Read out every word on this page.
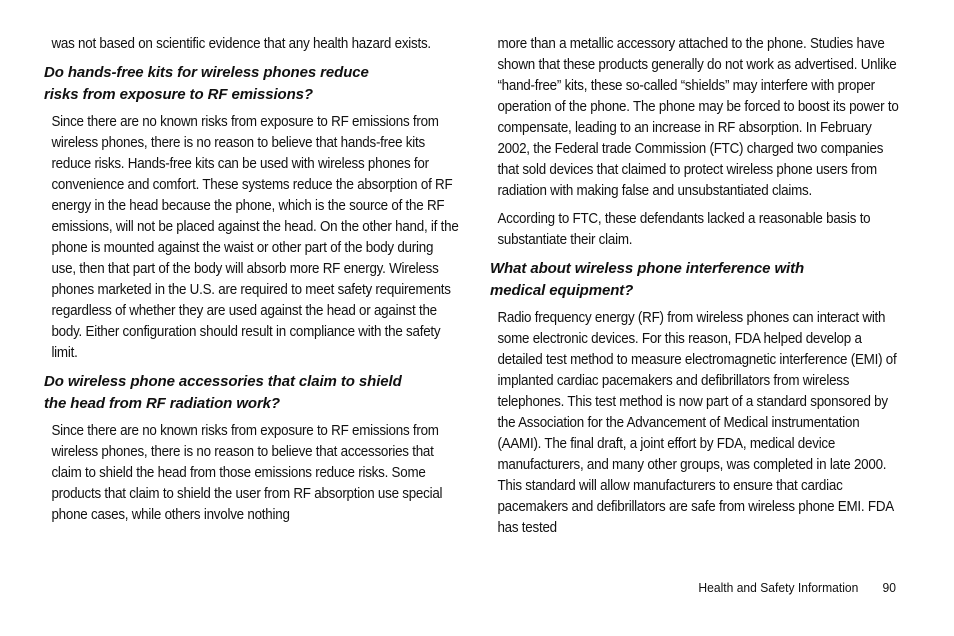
was not based on scientific evidence that any health hazard exists.

Do hands-free kits for wireless phones reduce
risks from exposure to RF emissions?

Since there are no known risks from exposure to RF emissions from wireless phones, there is no reason to believe that hands-free kits reduce risks. Hands-free kits can be used with wireless phones for convenience and comfort. These systems reduce the absorption of RF energy in the head because the phone, which is the source of the RF emissions, will not be placed against the head. On the other hand, if the phone is mounted against the waist or other part of the body during use, then that part of the body will absorb more RF energy. Wireless phones marketed in the U.S. are required to meet safety requirements regardless of whether they are used against the head or against the body. Either configuration should result in compliance with the safety limit.

Do wireless phone accessories that claim to shield
the head from RF radiation work?

Since there are no known risks from exposure to RF emissions from wireless phones, there is no reason to believe that accessories that claim to shield the head from those emissions reduce risks. Some products that claim to shield the user from RF absorption use special phone cases, while others involve nothing

more than a metallic accessory attached to the phone. Studies have shown that these products generally do not work as advertised. Unlike “hand-free” kits, these so-called “shields” may interfere with proper operation of the phone. The phone may be forced to boost its power to compensate, leading to an increase in RF absorption. In February 2002, the Federal trade Commission (FTC) charged two companies that sold devices that claimed to protect wireless phone users from radiation with making false and unsubstantiated claims.

According to FTC, these defendants lacked a reasonable basis to substantiate their claim.

What about wireless phone interference with
medical equipment?

Radio frequency energy (RF) from wireless phones can interact with some electronic devices. For this reason, FDA helped develop a detailed test method to measure electromagnetic interference (EMI) of implanted cardiac pacemakers and defibrillators from wireless telephones. This test method is now part of a standard sponsored by the Association for the Advancement of Medical instrumentation (AAMI). The final draft, a joint effort by FDA, medical device manufacturers, and many other groups, was completed in late 2000. This standard will allow manufacturers to ensure that cardiac pacemakers and defibrillators are safe from wireless phone EMI. FDA has tested

Health and Safety Information 90
